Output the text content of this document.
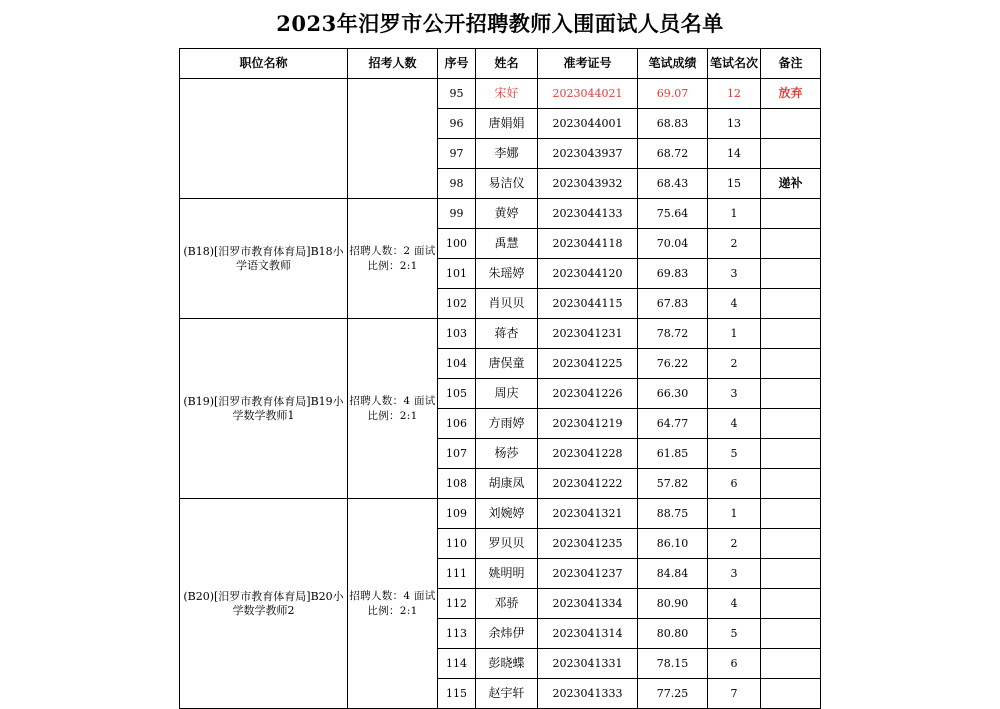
2023年汨罗市公开招聘教师入围面试人员名单
职位名称	招考人数	序号	姓名	准考证号	笔试成绩	笔试名次	备注
		95	宋好	2023044021	69.07	12	放弃
		96	唐娟娟	2023044001	68.83	13	
		97	李娜	2023043937	68.72	14	
		98	易洁仪	2023043932	68.43	15	递补
(B18)[汨罗市教育体育局]B18小学语文教师	招聘人数：2 面试比例：2:1	99	黄婷	2023044133	75.64	1	
		100	禹慧	2023044118	70.04	2	
		101	朱瑶婷	2023044120	69.83	3	
		102	肖贝贝	2023044115	67.83	4	
(B19)[汨罗市教育体育局]B19小学数学教师1	招聘人数：4 面试比例：2:1	103	蒋杏	2023041231	78.72	1	
		104	唐俣童	2023041225	76.22	2	
		105	周庆	2023041226	66.30	3	
		106	方雨婷	2023041219	64.77	4	
		107	杨莎	2023041228	61.85	5	
		108	胡康凤	2023041222	57.82	6	
(B20)[汨罗市教育体育局]B20小学数学教师2	招聘人数：4 面试比例：2:1	109	刘婉婷	2023041321	88.75	1	
		110	罗贝贝	2023041235	86.10	2	
		111	姚明明	2023041237	84.84	3	
		112	邓骄	2023041334	80.90	4	
		113	余炜伊	2023041314	80.80	5	
		114	彭晓蝶	2023041331	78.15	6	
		115	赵宇轩	2023041333	77.25	7	
